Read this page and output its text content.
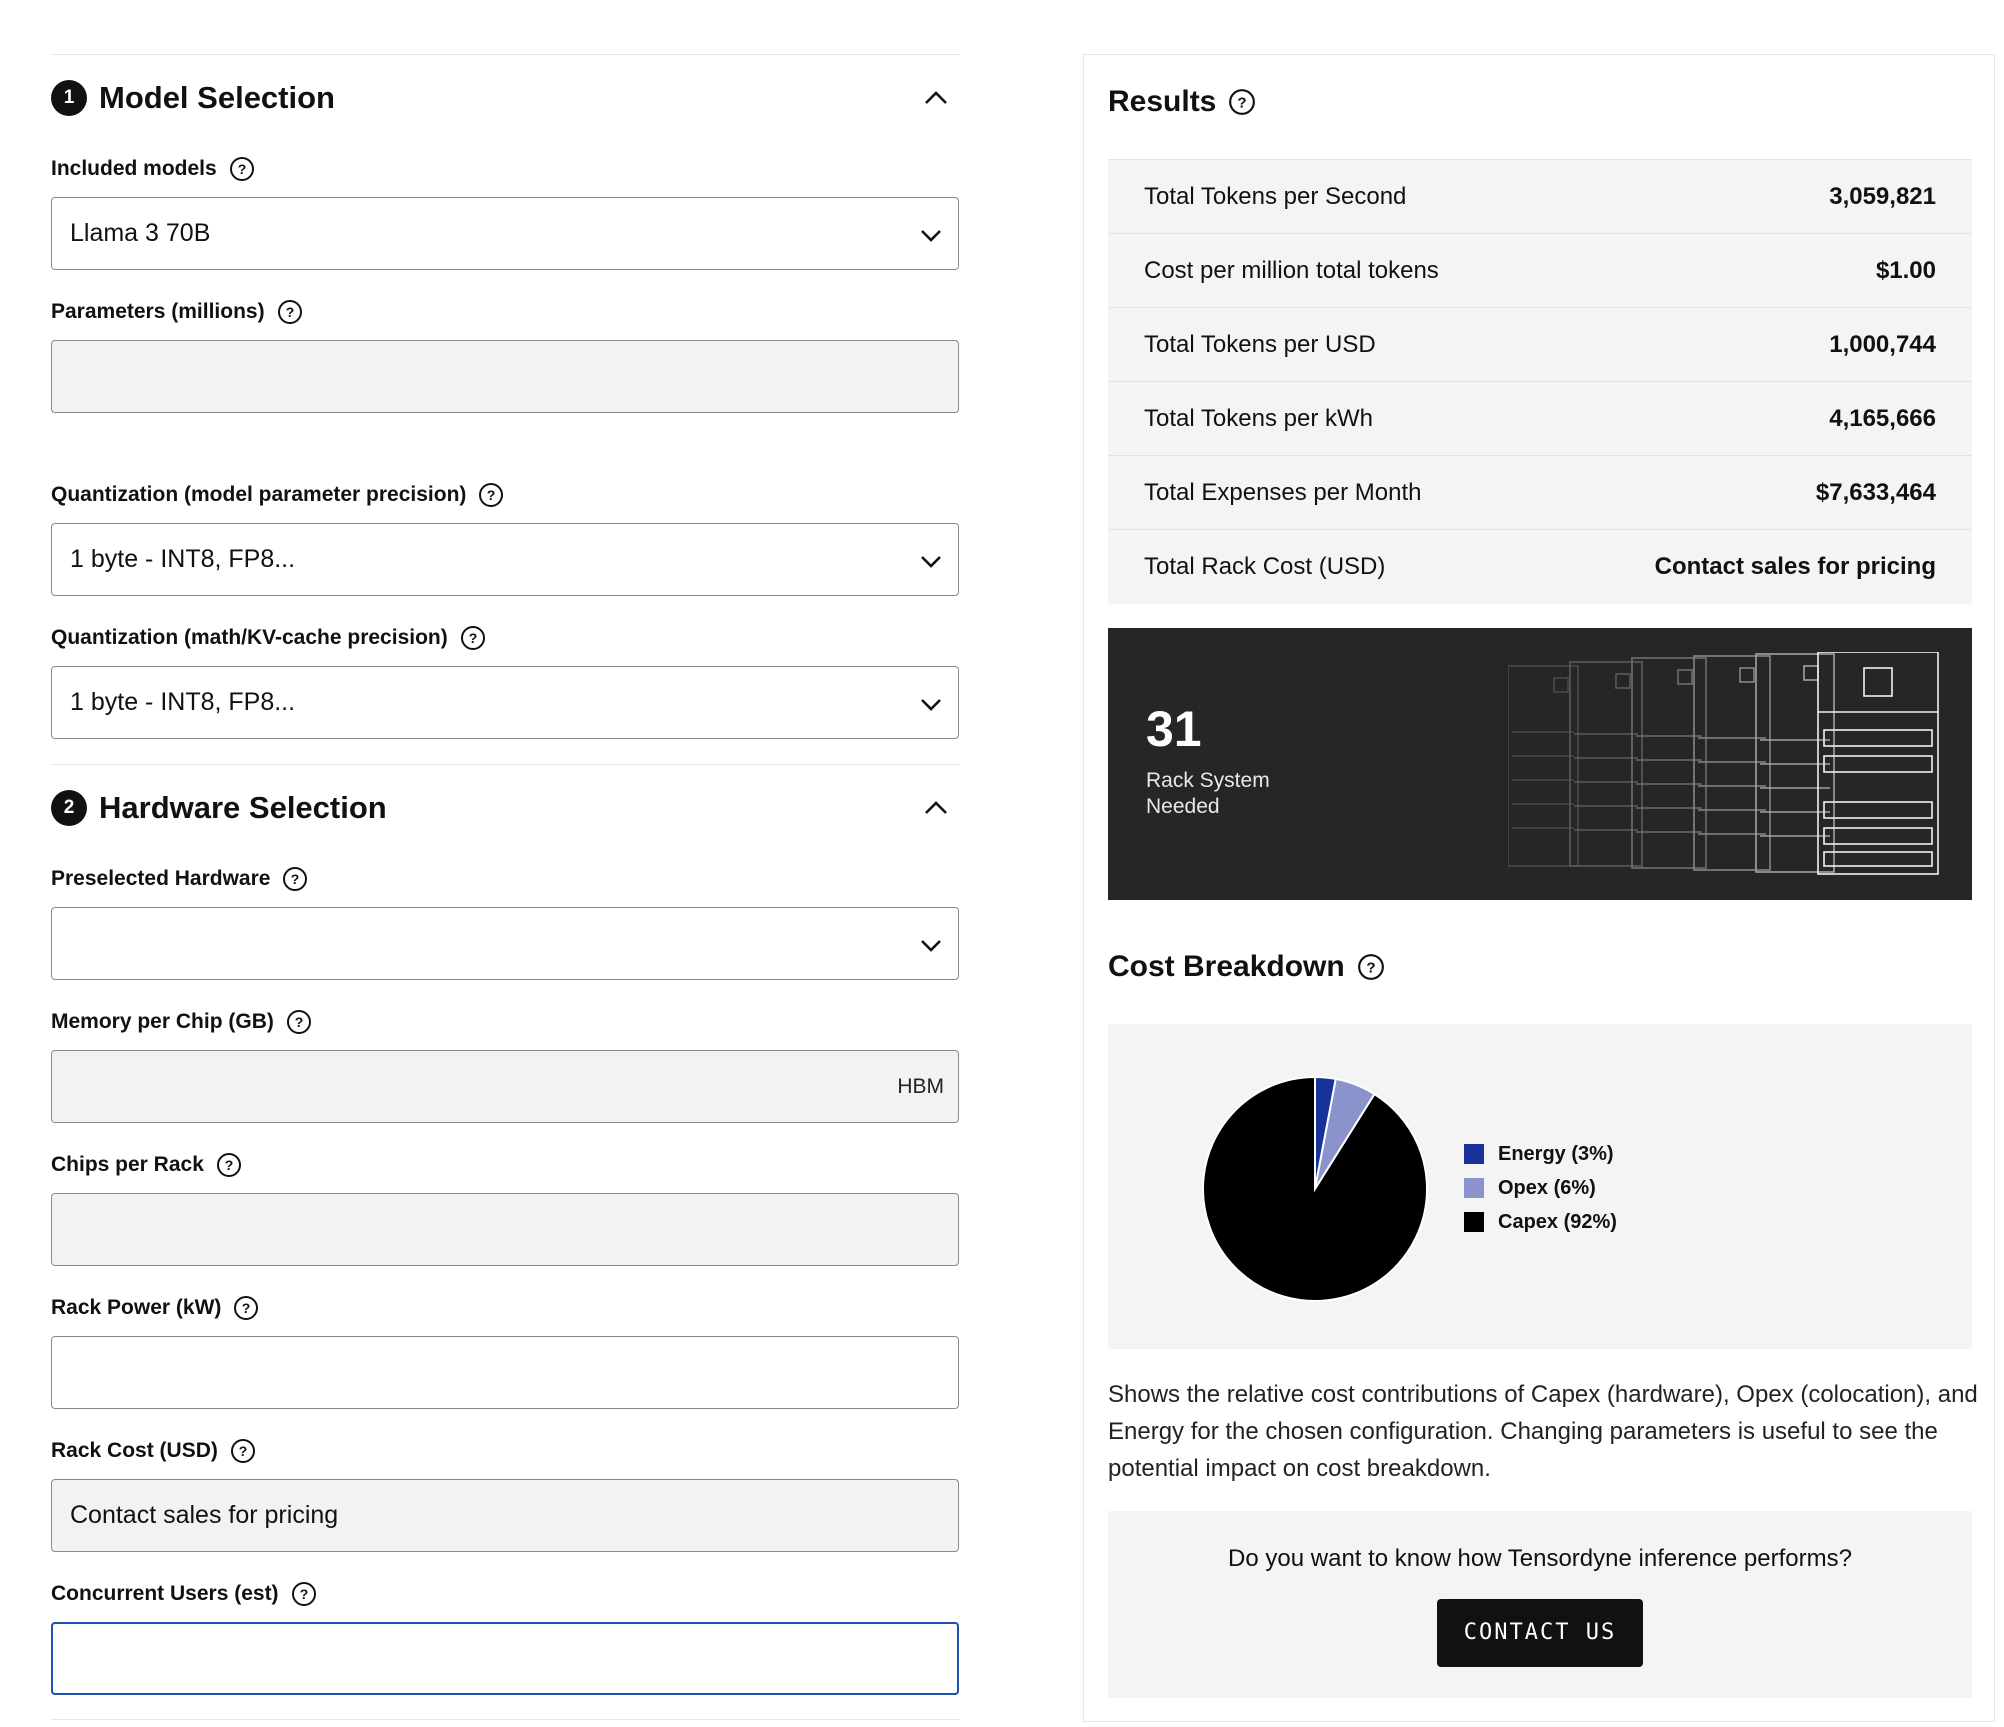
1 Model Selection
Included models ?
Llama 3 70B
Parameters (millions) ?
Quantization (model parameter precision) ?
1 byte - INT8, FP8...
Quantization (math/KV-cache precision) ?
1 byte - INT8, FP8...
2 Hardware Selection
Preselected Hardware ?
Memory per Chip (GB) ?
HBM
Chips per Rack ?
Rack Power (kW) ?
Rack Cost (USD) ?
Contact sales for pricing
Concurrent Users (est) ?
Results ?
Total Tokens per Second	3,059,821
Cost per million total tokens	$1.00
Total Tokens per USD	1,000,744
Total Tokens per kWh	4,165,666
Total Expenses per Month	$7,633,464
Total Rack Cost (USD)	Contact sales for pricing
31
Rack System Needed
Cost Breakdown ?
Energy (3%)
Opex (6%)
Capex (92%)
Shows the relative cost contributions of Capex (hardware), Opex (colocation), and Energy for the chosen configuration. Changing parameters is useful to see the potential impact on cost breakdown.
Do you want to know how Tensordyne inference performs?
CONTACT US
